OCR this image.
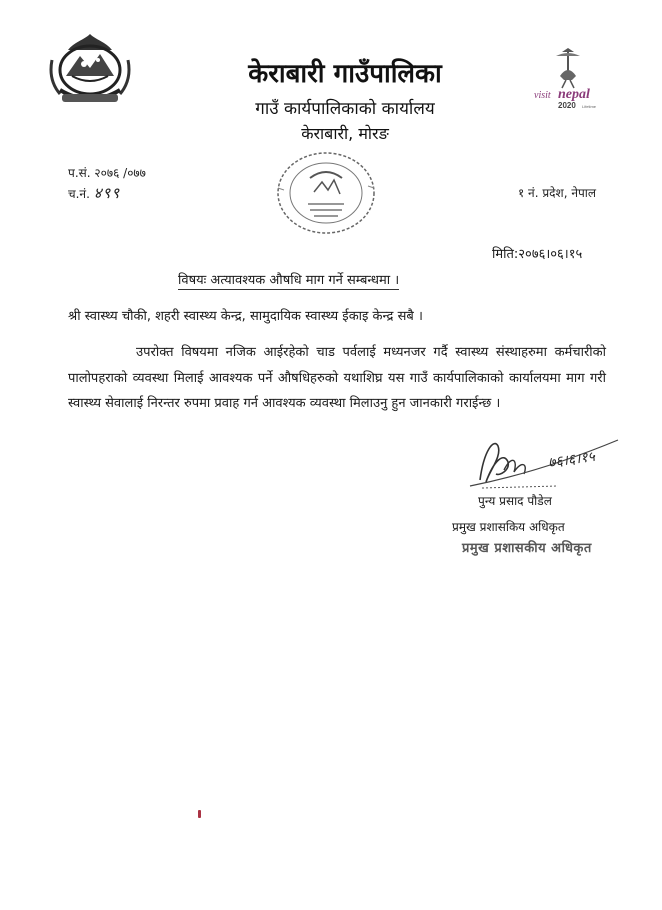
visit nepal
2020 Lifetime
केराबारी गाउँपालिका
गाउँ कार्यपालिकाको कार्यालय
केराबारी, मोरङ
प.सं. २०७६ /०७७
च.नं. ४९९	१ नं. प्रदेश, नेपाल
मिति:२०७६।०६।१५
विषयः अत्यावश्यक औषधि माग गर्ने सम्बन्धमा ।
श्री स्वास्थ्य चौकी, शहरी स्वास्थ्य केन्द्र, सामुदायिक स्वास्थ्य ईकाइ केन्द्र सबै ।
उपरोक्त विषयमा नजिक आईरहेको चाड पर्वलाई मध्यनजर गर्दै स्वास्थ्य संस्थाहरुमा कर्मचारीको पालोपहराको व्यवस्था मिलाई आवश्यक पर्ने औषधिहरुको यथाशिघ्र यस गाउँ कार्यपालिकाको कार्यालयमा माग गरी स्वास्थ्य सेवालाई निरन्तर रुपमा प्रवाह गर्न आवश्यक व्यवस्था मिलाउनु हुन जानकारी गराईन्छ ।
७६।६।१५
पुन्य प्रसाद पौडेल
प्रमुख प्रशासकिय अधिकृत
प्रमुख प्रशासकीय अधिकृत
